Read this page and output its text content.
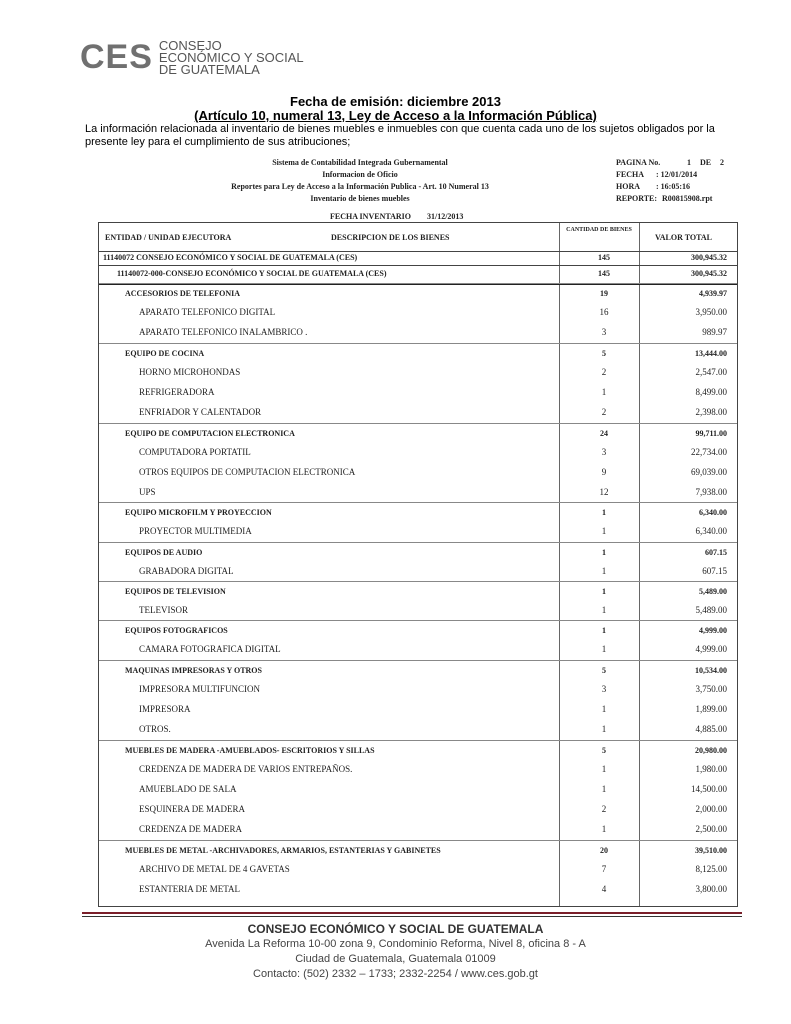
CES CONSEJO
ECONÓMICO Y SOCIAL
DE GUATEMALA
Fecha de emisión: diciembre 2013
(Artículo 10, numeral 13, Ley de Acceso a la Información Pública)
La información relacionada al inventario de bienes muebles e inmuebles con que cuenta cada uno de los sujetos obligados por la presente ley para el cumplimiento de sus atribuciones;
Sistema de Contabilidad Integrada Gubernamental
Informacion de Oficio
Reportes para Ley de Acceso a la Información Publica - Art. 10 Numeral 13
Inventario de bienes muebles
PAGINA No.	1 DE 2
FECHA : 12/01/2014
HORA : 16:05:16
REPORTE: R00815908.rpt
FECHA INVENTARIO 31/12/2013
ENTIDAD / UNIDAD EJECUTORA	DESCRIPCION DE LOS BIENES
CANTIDAD DE BIENES
VALOR TOTAL
11140072 CONSEJO ECONÓMICO Y SOCIAL DE GUATEMALA (CES)	145	300,945.32
11140072-000-CONSEJO ECONÓMICO Y SOCIAL DE GUATEMALA (CES)	145	300,945.32
ACCESORIOS DE TELEFONIA	19	4,939.97
APARATO TELEFONICO DIGITAL	16	3,950.00
APARATO TELEFONICO INALAMBRICO .	3	989.97
EQUIPO DE COCINA	5	13,444.00
HORNO MICROHONDAS	2	2,547.00
REFRIGERADORA	1	8,499.00
ENFRIADOR Y CALENTADOR	2	2,398.00
EQUIPO DE COMPUTACION ELECTRONICA	24	99,711.00
COMPUTADORA PORTATIL	3	22,734.00
OTROS EQUIPOS DE COMPUTACION ELECTRONICA	9	69,039.00
UPS	12	7,938.00
EQUIPO MICROFILM Y PROYECCION	1	6,340.00
PROYECTOR MULTIMEDIA	1	6,340.00
EQUIPOS DE AUDIO	1	607.15
GRABADORA DIGITAL	1	607.15
EQUIPOS DE TELEVISION	1	5,489.00
TELEVISOR	1	5,489.00
EQUIPOS FOTOGRAFICOS	1	4,999.00
CAMARA FOTOGRAFICA DIGITAL	1	4,999.00
MAQUINAS IMPRESORAS Y OTROS	5	10,534.00
IMPRESORA MULTIFUNCION	3	3,750.00
IMPRESORA	1	1,899.00
OTROS.	1	4,885.00
MUEBLES DE MADERA -AMUEBLADOS- ESCRITORIOS Y SILLAS	5	20,980.00
CREDENZA DE MADERA DE VARIOS ENTREPAÑOS.	1	1,980.00
AMUEBLADO DE SALA	1	14,500.00
ESQUINERA DE MADERA	2	2,000.00
CREDENZA DE MADERA	1	2,500.00
MUEBLES DE METAL -ARCHIVADORES, ARMARIOS, ESTANTERIAS Y GABINETES	20	39,510.00
ARCHIVO DE METAL DE 4 GAVETAS	7	8,125.00
ESTANTERIA DE METAL	4	3,800.00
CONSEJO ECONÓMICO Y SOCIAL DE GUATEMALA
Avenida La Reforma 10-00 zona 9, Condominio Reforma, Nivel 8, oficina 8 - A
Ciudad de Guatemala, Guatemala 01009
Contacto: (502) 2332 – 1733; 2332-2254 / www.ces.gob.gt
